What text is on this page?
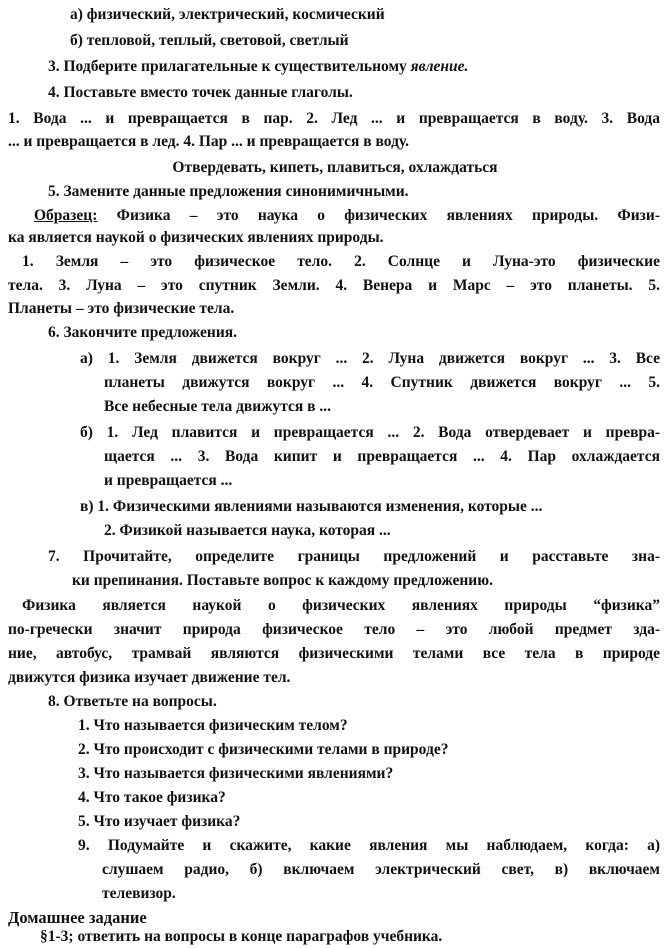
а) физический, электрический, космический
б) тепловой, теплый, световой, светлый
3. Подберите прилагательные к существительному явление.
4. Поставьте вместо точек данные глаголы.
1. Вода ... и превращается в пар. 2. Лед ... и превращается в воду. 3. Вода
... и превращается в лед. 4. Пар ... и превращается в воду.
Отвердевать, кипеть, плавиться, охлаждаться
5. Замените данные предложения синонимичными.
Образец: Физика – это наука о физических явлениях природы. Физи-
ка является наукой о физических явлениях природы.
1. Земля – это физическое тело. 2. Солнце и Луна-это физические
тела. 3. Луна – это спутник Земли. 4. Венера и Марс – это планеты. 5.
Планеты – это физические тела.
6. Закончите предложения.
а) 1. Земля движется вокруг ... 2. Луна движется вокруг ... 3. Все
планеты движутся вокруг ... 4. Спутник движется вокруг ... 5.
Все небесные тела движутся в ...
б) 1. Лед плавится и превращается ... 2. Вода отвердевает и превра-
щается ... 3. Вода кипит и превращается ... 4. Пар охлаждается
и превращается ...
в) 1. Физическими явлениями называются изменения, которые ...
2. Физикой называется наука, которая ...
7. Прочитайте, определите границы предложений и расставьте зна-
ки препинания. Поставьте вопрос к каждому предложению.
Физика является наукой о физических явлениях природы “физика”
по-гречески значит природа физическое тело – это любой предмет зда-
ние, автобус, трамвай являются физическими телами все тела в природе
движутся физика изучает движение тел.
8. Ответьте на вопросы.
1. Что называется физическим телом?
2. Что происходит с физическими телами в природе?
3. Что называется физическими явлениями?
4. Что такое физика?
5. Что изучает физика?
9. Подумайте и скажите, какие явления мы наблюдаем, когда: а)
слушаем радио, б) включаем электрический свет, в) включаем
телевизор.
Домашнее задание
§1-3; ответить на вопросы в конце параграфов учебника.
